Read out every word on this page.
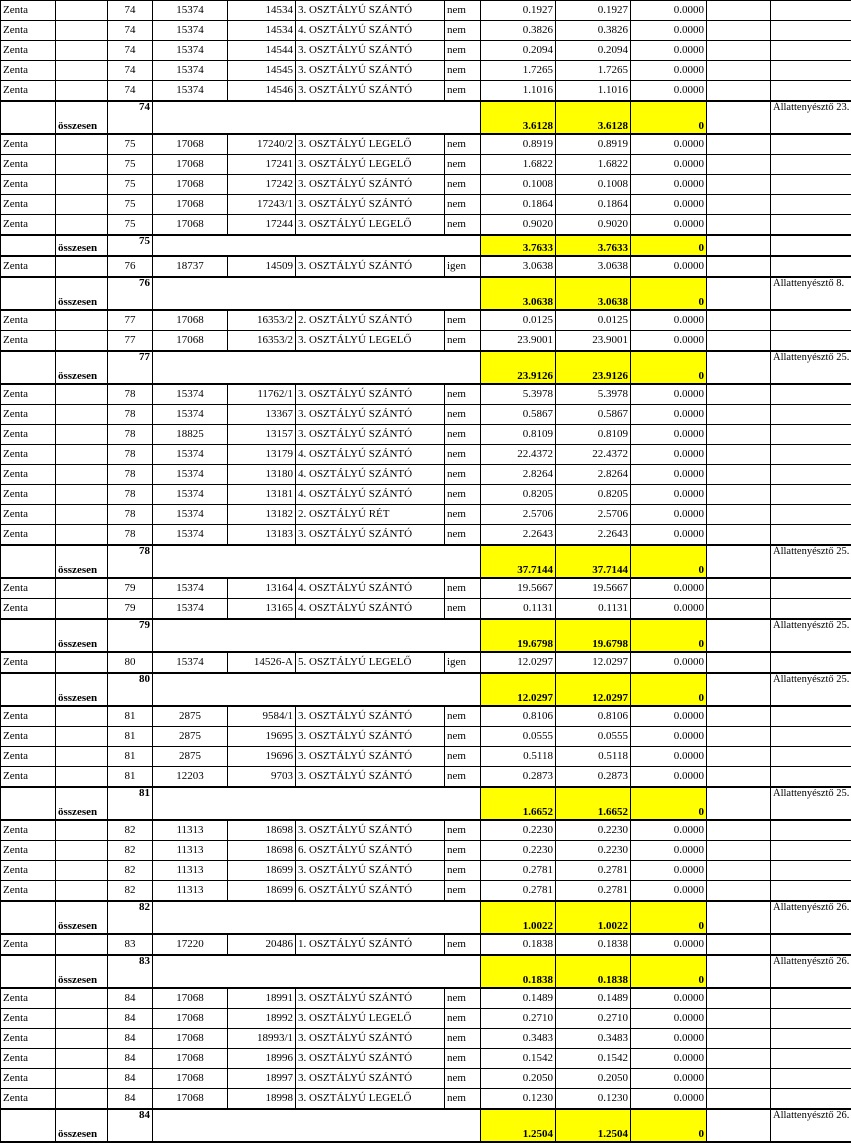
Zenta		74	15374	14534	3. OSZTÁLYÚ SZÁNTÓ	nem	0.1927	0.1927	0.0000		
Zenta		74	15374	14534	4. OSZTÁLYÚ SZÁNTÓ	nem	0.3826	0.3826	0.0000		
Zenta		74	15374	14544	3. OSZTÁLYÚ SZÁNTÓ	nem	0.2094	0.2094	0.0000		
Zenta		74	15374	14545	3. OSZTÁLYÚ SZÁNTÓ	nem	1.7265	1.7265	0.0000		
Zenta		74	15374	14546	3. OSZTÁLYÚ SZÁNTÓ	nem	1.1016	1.1016	0.0000		
	összesen	74					3.6128	3.6128	0		Állattenyésztő 23.
Zenta		75	17068	17240/2	3. OSZTÁLYÚ LEGELŐ	nem	0.8919	0.8919	0.0000		
Zenta		75	17068	17241	3. OSZTÁLYÚ LEGELŐ	nem	1.6822	1.6822	0.0000		
Zenta		75	17068	17242	3. OSZTÁLYÚ SZÁNTÓ	nem	0.1008	0.1008	0.0000		
Zenta		75	17068	17243/1	3. OSZTÁLYÚ SZÁNTÓ	nem	0.1864	0.1864	0.0000		
Zenta		75	17068	17244	3. OSZTÁLYÚ LEGELŐ	nem	0.9020	0.9020	0.0000		
	összesen	75					3.7633	3.7633	0		
Zenta		76	18737	14509	3. OSZTÁLYÚ SZÁNTÓ	igen	3.0638	3.0638	0.0000		
	összesen	76					3.0638	3.0638	0		Állattenyésztő 8.
Zenta		77	17068	16353/2	2. OSZTÁLYÚ SZÁNTÓ	nem	0.0125	0.0125	0.0000		
Zenta		77	17068	16353/2	3. OSZTÁLYÚ LEGELŐ	nem	23.9001	23.9001	0.0000		
	összesen	77					23.9126	23.9126	0		Állattenyésztő 25.
Zenta		78	15374	11762/1	3. OSZTÁLYÚ SZÁNTÓ	nem	5.3978	5.3978	0.0000		
Zenta		78	15374	13367	3. OSZTÁLYÚ SZÁNTÓ	nem	0.5867	0.5867	0.0000		
Zenta		78	18825	13157	3. OSZTÁLYÚ SZÁNTÓ	nem	0.8109	0.8109	0.0000		
Zenta		78	15374	13179	4. OSZTÁLYÚ SZÁNTÓ	nem	22.4372	22.4372	0.0000		
Zenta		78	15374	13180	4. OSZTÁLYÚ SZÁNTÓ	nem	2.8264	2.8264	0.0000		
Zenta		78	15374	13181	4. OSZTÁLYÚ SZÁNTÓ	nem	0.8205	0.8205	0.0000		
Zenta		78	15374	13182	2. OSZTÁLYÚ RÉT	nem	2.5706	2.5706	0.0000		
Zenta		78	15374	13183	3. OSZTÁLYÚ SZÁNTÓ	nem	2.2643	2.2643	0.0000		
	összesen	78					37.7144	37.7144	0		Állattenyésztő 25.
Zenta		79	15374	13164	4. OSZTÁLYÚ SZÁNTÓ	nem	19.5667	19.5667	0.0000		
Zenta		79	15374	13165	4. OSZTÁLYÚ SZÁNTÓ	nem	0.1131	0.1131	0.0000		
	összesen	79					19.6798	19.6798	0		Állattenyésztő 25.
Zenta		80	15374	14526-A	5. OSZTÁLYÚ LEGELŐ	igen	12.0297	12.0297	0.0000		
	összesen	80					12.0297	12.0297	0		Állattenyésztő 25.
Zenta		81	2875	9584/1	3. OSZTÁLYÚ SZÁNTÓ	nem	0.8106	0.8106	0.0000		
Zenta		81	2875	19695	3. OSZTÁLYÚ SZÁNTÓ	nem	0.0555	0.0555	0.0000		
Zenta		81	2875	19696	3. OSZTÁLYÚ SZÁNTÓ	nem	0.5118	0.5118	0.0000		
Zenta		81	12203	9703	3. OSZTÁLYÚ SZÁNTÓ	nem	0.2873	0.2873	0.0000		
	összesen	81					1.6652	1.6652	0		Állattenyésztő 25.
Zenta		82	11313	18698	3. OSZTÁLYÚ SZÁNTÓ	nem	0.2230	0.2230	0.0000		
Zenta		82	11313	18698	6. OSZTÁLYÚ SZÁNTÓ	nem	0.2230	0.2230	0.0000		
Zenta		82	11313	18699	3. OSZTÁLYÚ SZÁNTÓ	nem	0.2781	0.2781	0.0000		
Zenta		82	11313	18699	6. OSZTÁLYÚ SZÁNTÓ	nem	0.2781	0.2781	0.0000		
	összesen	82					1.0022	1.0022	0		Állattenyésztő 26.
Zenta		83	17220	20486	1. OSZTÁLYÚ SZÁNTÓ	nem	0.1838	0.1838	0.0000		
	összesen	83					0.1838	0.1838	0		Állattenyésztő 26.
Zenta		84	17068	18991	3. OSZTÁLYÚ SZÁNTÓ	nem	0.1489	0.1489	0.0000		
Zenta		84	17068	18992	3. OSZTÁLYÚ LEGELŐ	nem	0.2710	0.2710	0.0000		
Zenta		84	17068	18993/1	3. OSZTÁLYÚ SZÁNTÓ	nem	0.3483	0.3483	0.0000		
Zenta		84	17068	18996	3. OSZTÁLYÚ SZÁNTÓ	nem	0.1542	0.1542	0.0000		
Zenta		84	17068	18997	3. OSZTÁLYÚ SZÁNTÓ	nem	0.2050	0.2050	0.0000		
Zenta		84	17068	18998	3. OSZTÁLYÚ LEGELŐ	nem	0.1230	0.1230	0.0000		
	összesen	84					1.2504	1.2504	0		Állattenyésztő 26.
